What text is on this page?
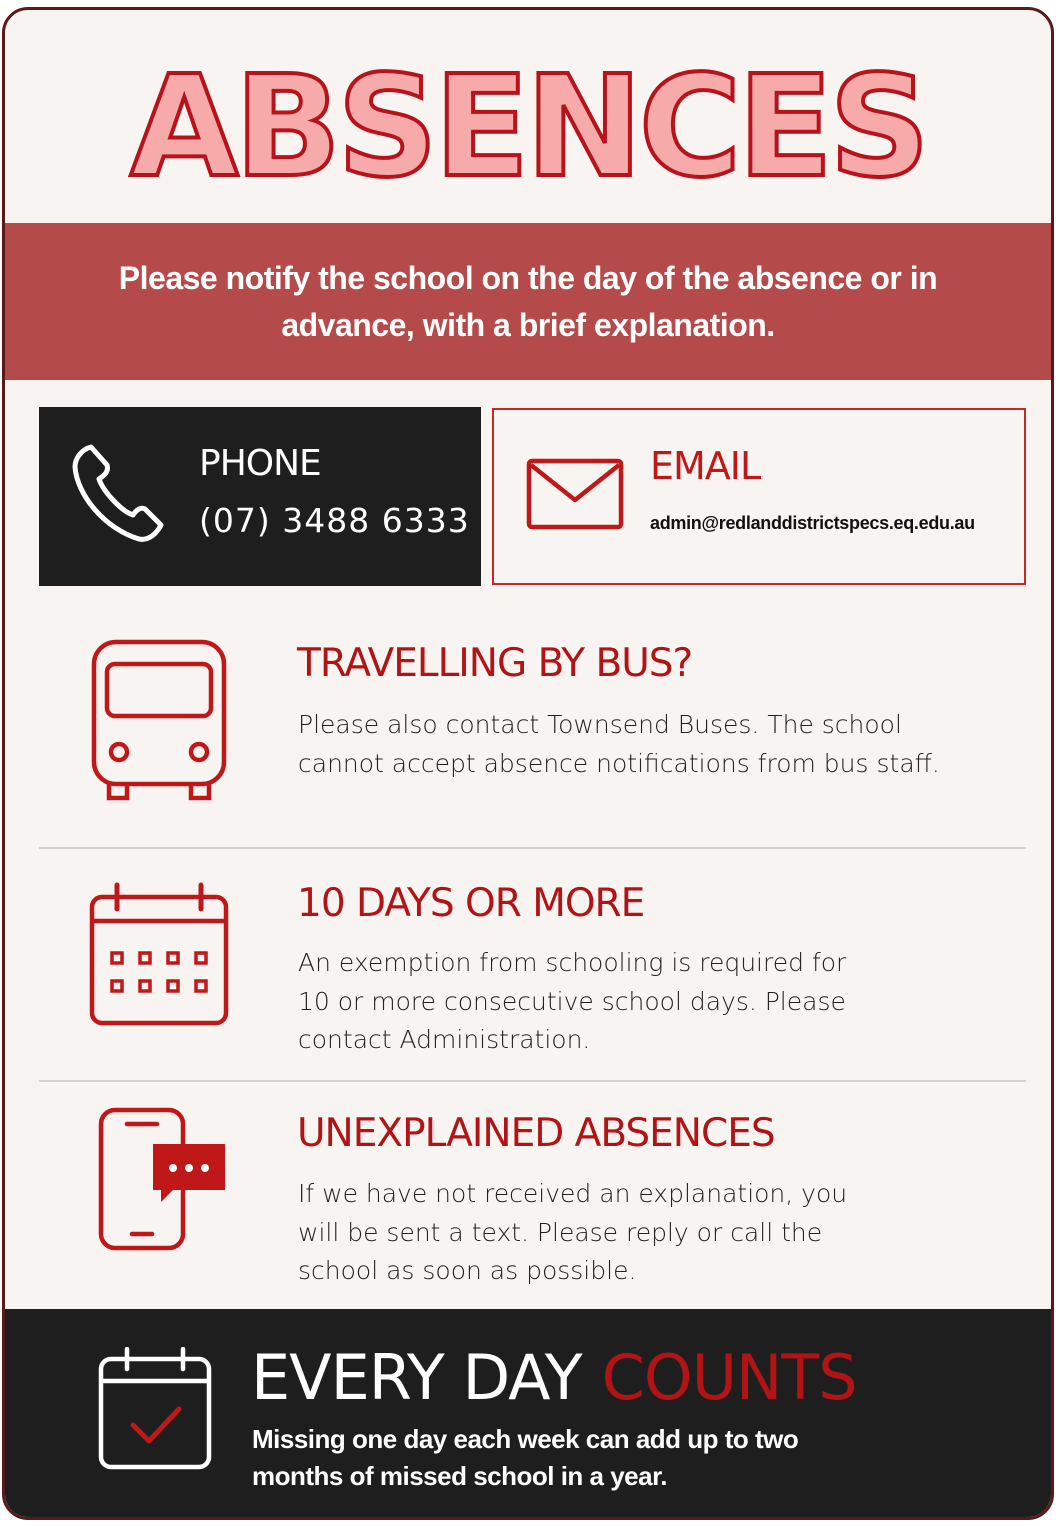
ABSENCES
Please notify the school on the day of the absence or in advance, with a brief explanation.
PHONE
(07) 3488 6333
EMAIL
admin@redlanddistrictspecs.eq.edu.au
TRAVELLING BY BUS?
Please also contact Townsend Buses. The school
cannot accept absence notifications from bus staff.
10 DAYS OR MORE
An exemption from schooling is required for
10 or more consecutive school days. Please
contact Administration.
UNEXPLAINED ABSENCES
If we have not received an explanation, you
will be sent a text. Please reply or call the
school as soon as possible.
EVERY DAY COUNTS
Missing one day each week can add up to two
months of missed school in a year.
